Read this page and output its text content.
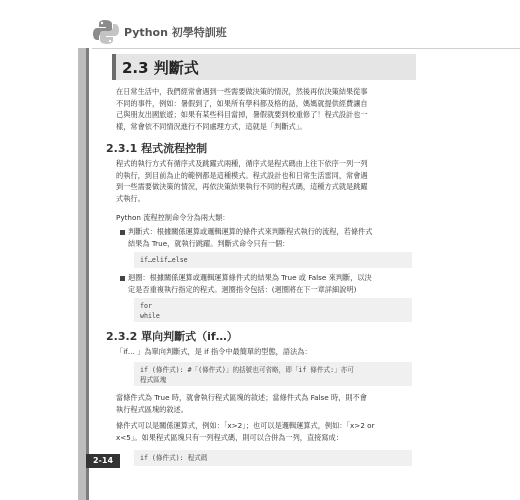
Python 初學特訓班
2.3 判斷式
在日常生活中，我們經常會遇到一些需要做決策的情況，然後再依決策結果從事
不同的事件，例如：暑假到了，如果所有學科都及格的話，媽媽就提供經費讓自
己與朋友出國旅遊；如果有某些科目當掉，暑假就要到校重修了！程式設計也一
樣，常會依不同情況進行不同處理方式，這就是「判斷式」。
2.3.1 程式流程控制
程式的執行方式有循序式及跳躍式兩種，循序式是程式碼由上往下依序一列一列
的執行，到目前為止的範例都是這種模式。程式設計也和日常生活雷同，常會遇
到一些需要做決策的情況，再依決策結果執行不同的程式碼，這種方式就是跳躍
式執行。
Python 流程控制命令分為兩大類：
判斷式：根據關係運算或邏輯運算的條件式來判斷程式執行的流程，若條件式
結果為 True，就執行跳躍。判斷式命令只有一個：
if…elif…else
迴圈：根據關係運算或邏輯運算條件式的結果為 True 或 False 來判斷，以決
定是否重複執行指定的程式。迴圈指令包括：(迴圈將在下一章詳細說明)
for
while
2.3.2 單向判斷式（if…）
「if… 」為單向判斷式，是 if 指令中最簡單的型態，語法為：
if (條件式): #「(條件式)」的括號也可省略，即「if 條件式:」亦可
程式區塊
當條件式為 True 時，就會執行程式區塊的敘述；當條件式為 False 時，則不會
執行程式區塊的敘述。
條件式可以是關係運算式，例如：「x>2」；也可以是邏輯運算式，例如：「x>2 or
x<5」。如果程式區塊只有一列程式碼，則可以合併為一列，直接寫成：
if (條件式): 程式碼
2-14
